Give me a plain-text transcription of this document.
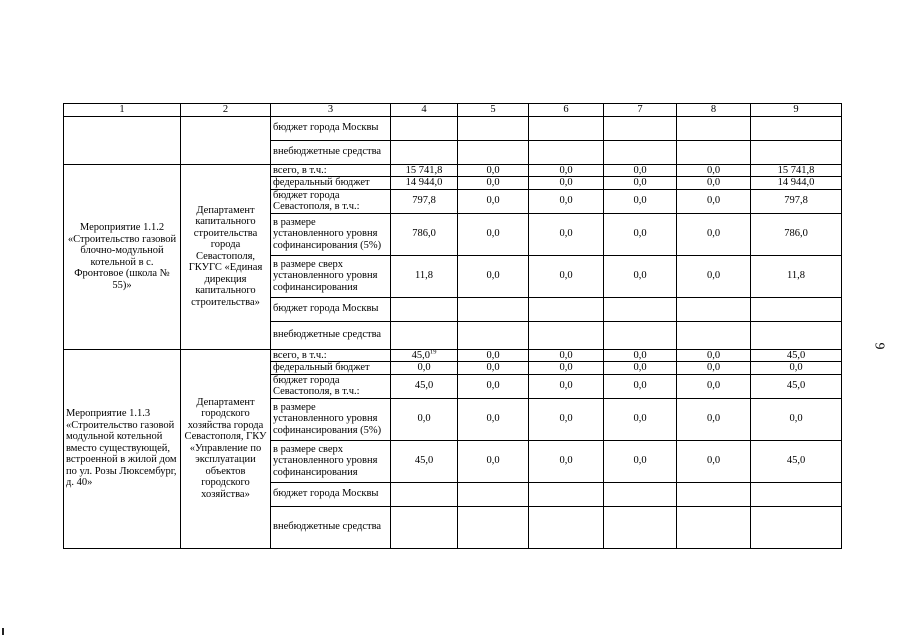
9
1	2	3	4	5	6	7	8	9
		бюджет города Москвы						
		внебюджетные средства						
Мероприятие 1.1.2 «Строительство газовой блочно-модульной котельной в с. Фронтовое (школа № 55)»	Департамент капитального строительства города Севастополя, ГКУГС «Единая дирекция капитального строительства»	всего, в т.ч.:	15 741,8	0,0	0,0	0,0	0,0	15 741,8
		федеральный бюджет	14 944,0	0,0	0,0	0,0	0,0	14 944,0
		бюджет города Севастополя, в т.ч.:	797,8	0,0	0,0	0,0	0,0	797,8
		в размере установленного уровня софинансирования (5%)	786,0	0,0	0,0	0,0	0,0	786,0
		в размере сверх установленного уровня софинансирования	11,8	0,0	0,0	0,0	0,0	11,8
		бюджет города Москвы						
		внебюджетные средства						
Мероприятие 1.1.3 «Строительство газовой модульной котельной вместо существующей, встроенной в жилой дом по ул. Розы Люксембург, д. 40»	Департамент городского хозяйства города Севастополя, ГКУ «Управление по эксплуатации объектов городского хозяйства»	всего, в т.ч.:	45,0$^{19}$	0,0	0,0	0,0	0,0	45,0
		федеральный бюджет	0,0	0,0	0,0	0,0	0,0	0,0
		бюджет города Севастополя, в т.ч.:	45,0	0,0	0,0	0,0	0,0	45,0
		в размере установленного уровня софинансирования (5%)	0,0	0,0	0,0	0,0	0,0	0,0
		в размере сверх установленного уровня софинансирования	45,0	0,0	0,0	0,0	0,0	45,0
		бюджет города Москвы						
		внебюджетные средства						
